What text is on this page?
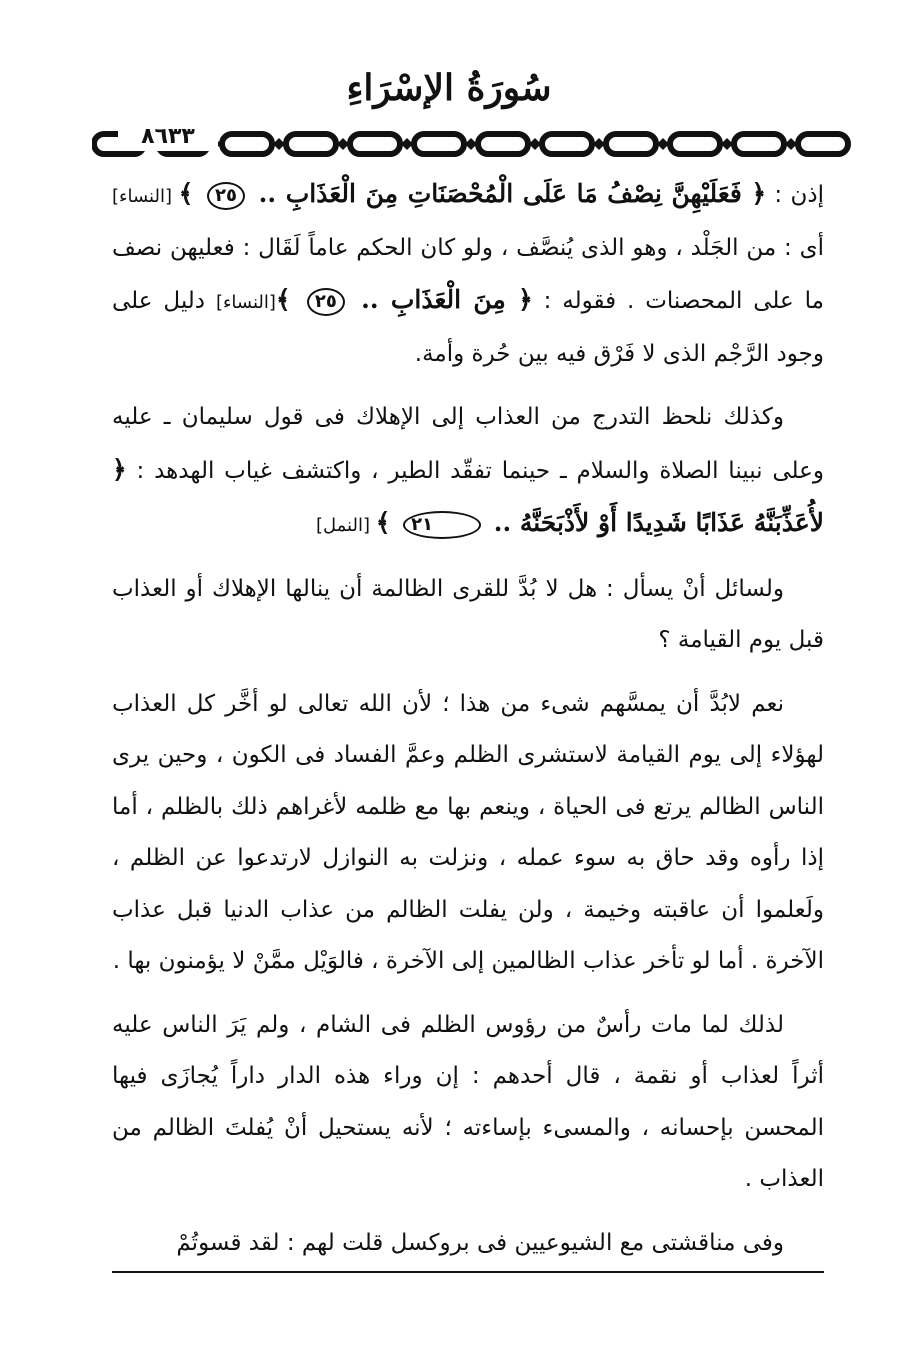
سُورَةُ الإسْرَاءِ
٨٦٣٣

إذن : ﴿ فَعَلَيْهِنَّ نِصْفُ مَا عَلَى الْمُحْصَنَاتِ مِنَ الْعَذَابِ .. ٢٥ ﴾ [النساء] أى : من الجَلْد ، وهو الذى يُنصَّف ، ولو كان الحكم عاماً لَقَال : فعليهن نصف ما على المحصنات . فقوله : ﴿ مِنَ الْعَذَابِ .. ٢٥ ﴾[النساء] دليل على وجود الرَّجْم الذى لا فَرْق فيه بين حُرة وأمة.

وكذلك نلحظ التدرج من العذاب إلى الإهلاك فى قول سليمان ـ عليه وعلى نبينا الصلاة والسلام ـ حينما تفقّد الطير ، واكتشف غياب الهدهد : ﴿ لأُعَذِّبَنَّهُ عَذَابًا شَدِيدًا أَوْ لأَذْبَحَنَّهُ .. ٢١ ﴾ [النمل]

ولسائل أنْ يسأل : هل لا بُدَّ للقرى الظالمة أن ينالها الإهلاك أو العذاب قبل يوم القيامة ؟

نعم لابُدَّ أن يمسَّهم شىء من هذا ؛ لأن الله تعالى لو أخَّر كل العذاب لهؤلاء إلى يوم القيامة لاستشرى الظلم وعمَّ الفساد فى الكون ، وحين يرى الناس الظالم يرتع فى الحياة ، وينعم بها مع ظلمه لأغراهم ذلك بالظلم ، أما إذا رأوه وقد حاق به سوء عمله ، ونزلت به النوازل لارتدعوا عن الظلم ، ولَعلموا أن عاقبته وخيمة ، ولن يفلت الظالم من عذاب الدنيا قبل عذاب الآخرة . أما لو تأخر عذاب الظالمين إلى الآخرة ، فالوَيْل ممَّنْ لا يؤمنون بها .

لذلك لما مات رأسٌ من رؤوس الظلم فى الشام ، ولم يَرَ الناس عليه أثراً لعذاب أو نقمة ، قال أحدهم : إن وراء هذه الدار داراً يُجازَى فيها المحسن بإحسانه ، والمسىء بإساءته ؛ لأنه يستحيل أنْ يُفلتَ الظالم من العذاب .

وفى مناقشتى مع الشيوعيين فى بروكسل قلت لهم : لقد قسوتُمْ
